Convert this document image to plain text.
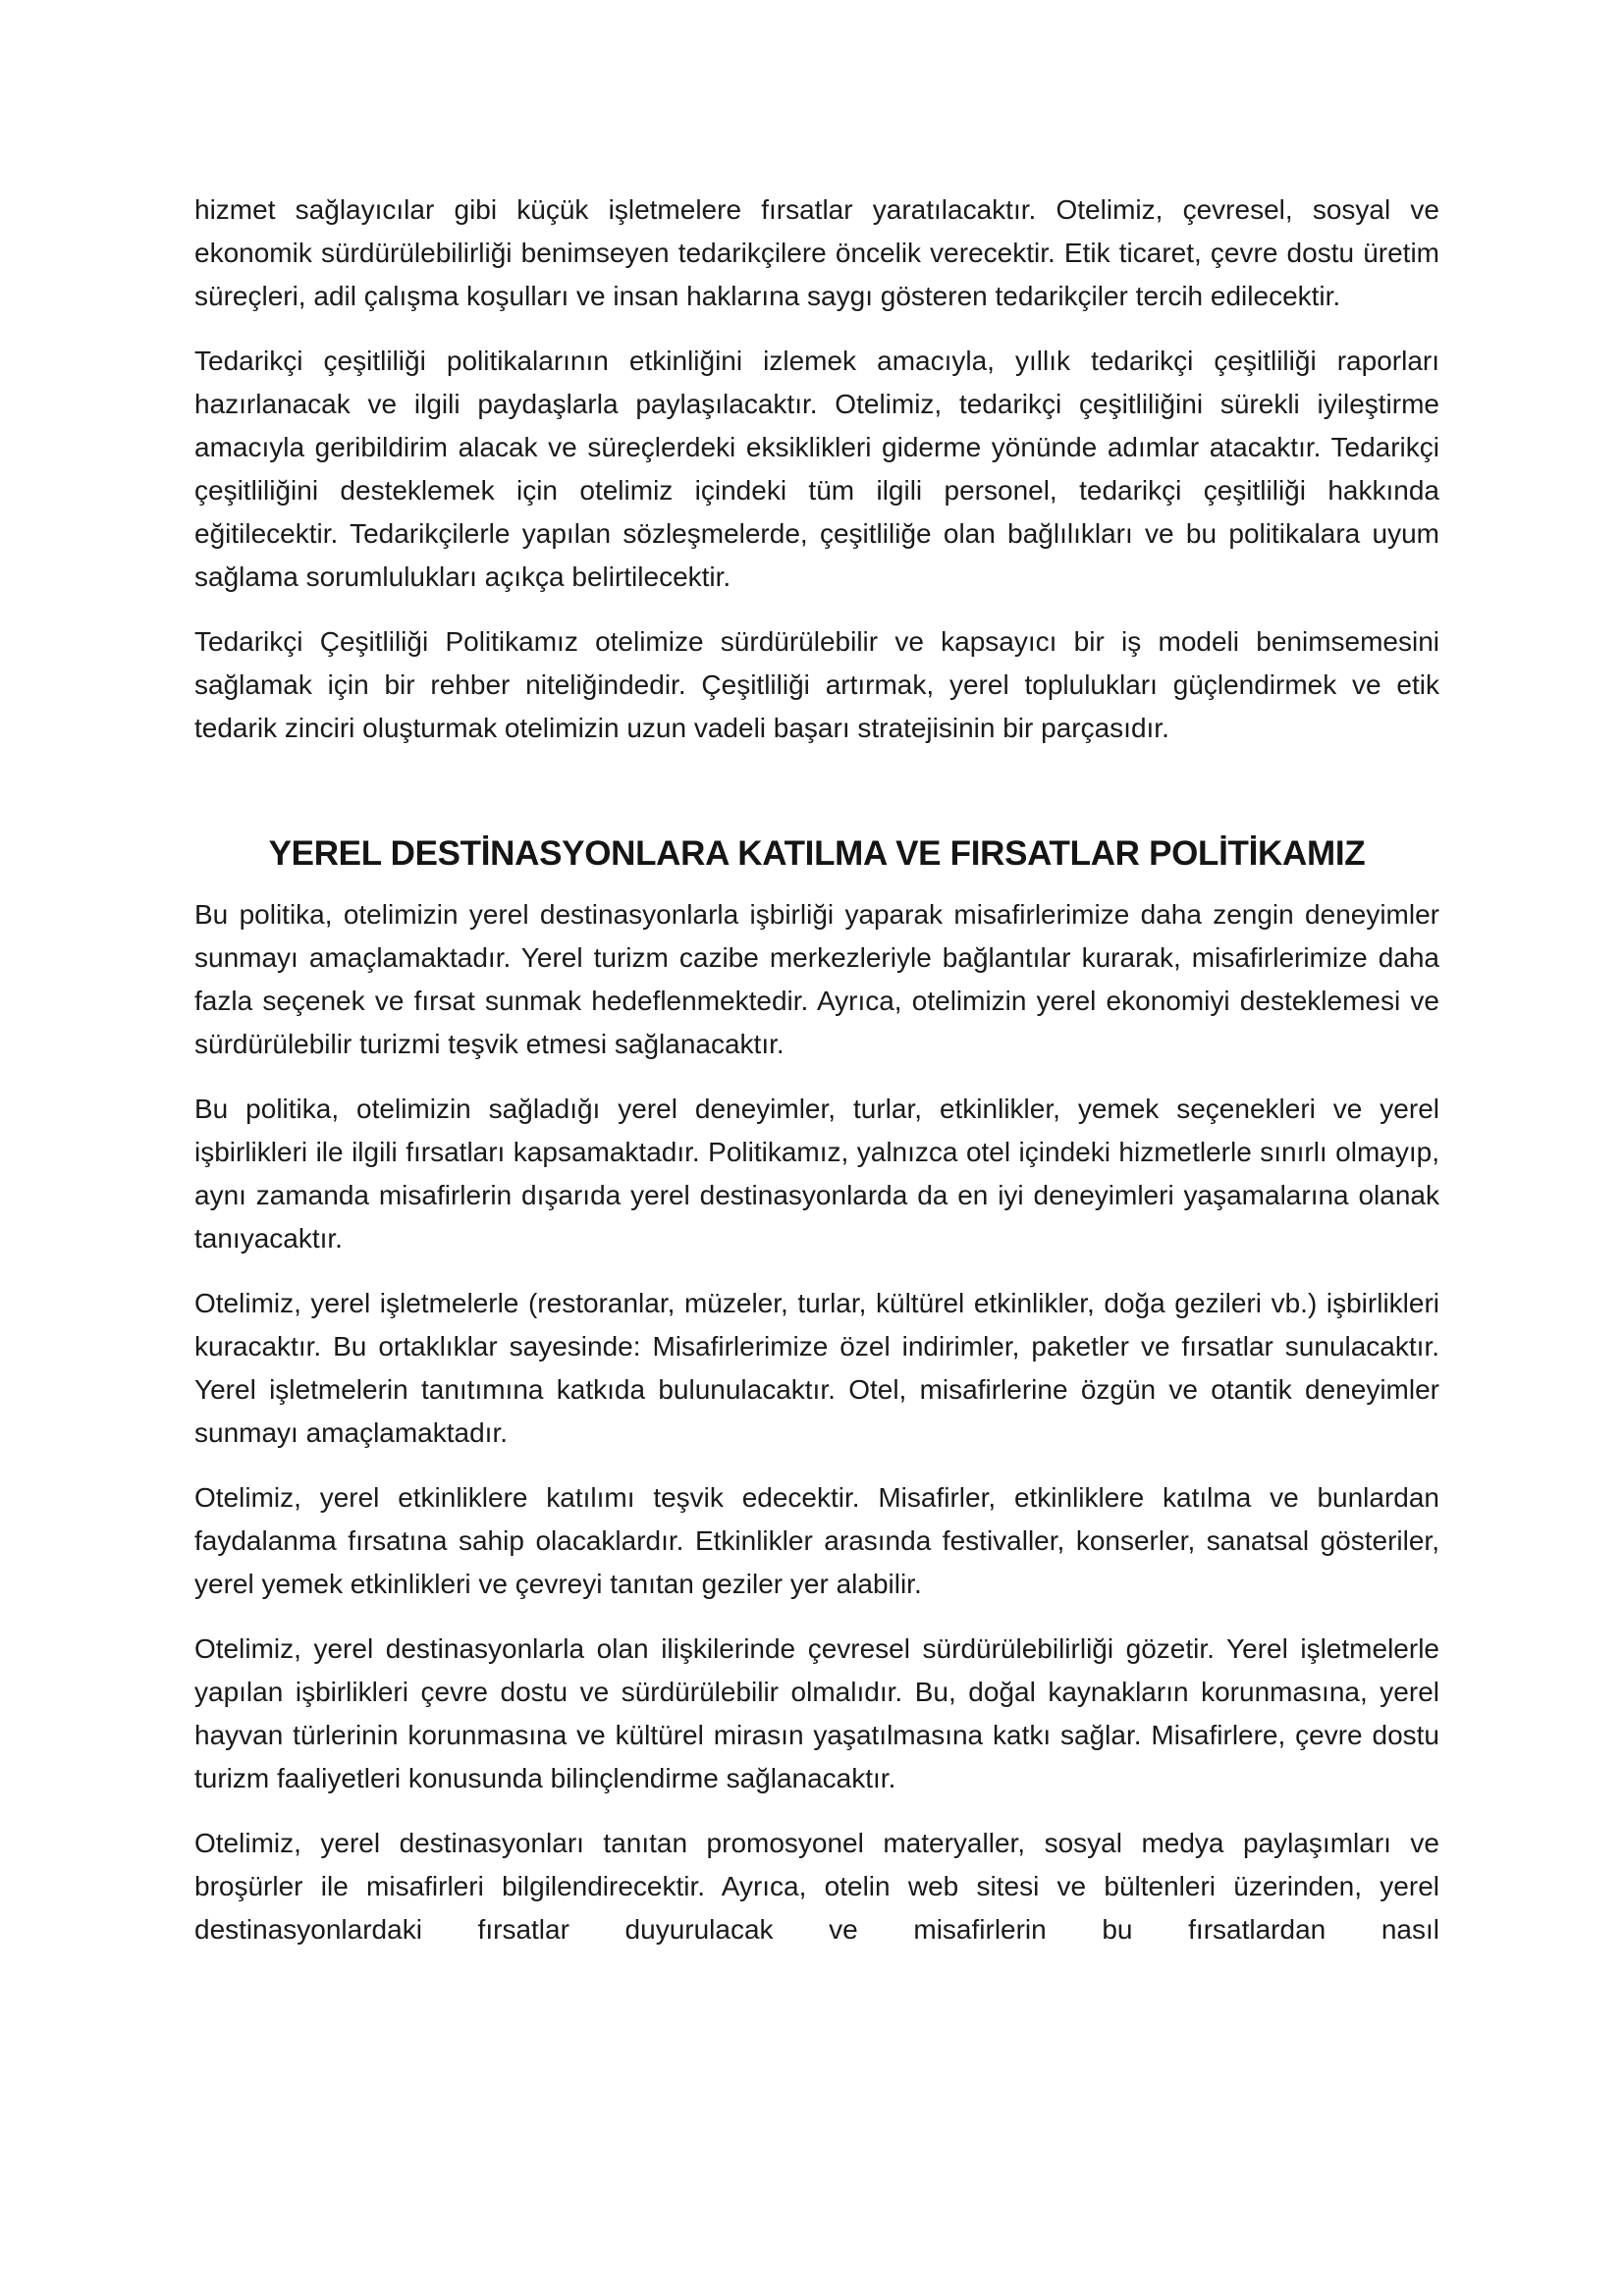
hizmet sağlayıcılar gibi küçük işletmelere fırsatlar yaratılacaktır. Otelimiz, çevresel, sosyal ve ekonomik sürdürülebilirliği benimseyen tedarikçilere öncelik verecektir. Etik ticaret, çevre dostu üretim süreçleri, adil çalışma koşulları ve insan haklarına saygı gösteren tedarikçiler tercih edilecektir.

Tedarikçi çeşitliliği politikalarının etkinliğini izlemek amacıyla, yıllık tedarikçi çeşitliliği raporları hazırlanacak ve ilgili paydaşlarla paylaşılacaktır. Otelimiz, tedarikçi çeşitliliğini sürekli iyileştirme amacıyla geribildirim alacak ve süreçlerdeki eksiklikleri giderme yönünde adımlar atacaktır. Tedarikçi çeşitliliğini desteklemek için otelimiz içindeki tüm ilgili personel, tedarikçi çeşitliliği hakkında eğitilecektir. Tedarikçilerle yapılan sözleşmelerde, çeşitliliğe olan bağlılıkları ve bu politikalara uyum sağlama sorumlulukları açıkça belirtilecektir.

Tedarikçi Çeşitliliği Politikamız otelimize sürdürülebilir ve kapsayıcı bir iş modeli benimsemesini sağlamak için bir rehber niteliğindedir. Çeşitliliği artırmak, yerel toplulukları güçlendirmek ve etik tedarik zinciri oluşturmak otelimizin uzun vadeli başarı stratejisinin bir parçasıdır.

YEREL DESTİNASYONLARA KATILMA VE FIRSATLAR POLİTİKAMIZ

Bu politika, otelimizin yerel destinasyonlarla işbirliği yaparak misafirlerimize daha zengin deneyimler sunmayı amaçlamaktadır. Yerel turizm cazibe merkezleriyle bağlantılar kurarak, misafirlerimize daha fazla seçenek ve fırsat sunmak hedeflenmektedir. Ayrıca, otelimizin yerel ekonomiyi desteklemesi ve sürdürülebilir turizmi teşvik etmesi sağlanacaktır.

Bu politika, otelimizin sağladığı yerel deneyimler, turlar, etkinlikler, yemek seçenekleri ve yerel işbirlikleri ile ilgili fırsatları kapsamaktadır. Politikamız, yalnızca otel içindeki hizmetlerle sınırlı olmayıp, aynı zamanda misafirlerin dışarıda yerel destinasyonlarda da en iyi deneyimleri yaşamalarına olanak tanıyacaktır.

Otelimiz, yerel işletmelerle (restoranlar, müzeler, turlar, kültürel etkinlikler, doğa gezileri vb.) işbirlikleri kuracaktır. Bu ortaklıklar sayesinde: Misafirlerimize özel indirimler, paketler ve fırsatlar sunulacaktır. Yerel işletmelerin tanıtımına katkıda bulunulacaktır. Otel, misafirlerine özgün ve otantik deneyimler sunmayı amaçlamaktadır.

Otelimiz, yerel etkinliklere katılımı teşvik edecektir. Misafirler, etkinliklere katılma ve bunlardan faydalanma fırsatına sahip olacaklardır. Etkinlikler arasında festivaller, konserler, sanatsal gösteriler, yerel yemek etkinlikleri ve çevreyi tanıtan geziler yer alabilir.

Otelimiz, yerel destinasyonlarla olan ilişkilerinde çevresel sürdürülebilirliği gözetir. Yerel işletmelerle yapılan işbirlikleri çevre dostu ve sürdürülebilir olmalıdır. Bu, doğal kaynakların korunmasına, yerel hayvan türlerinin korunmasına ve kültürel mirasın yaşatılmasına katkı sağlar. Misafirlere, çevre dostu turizm faaliyetleri konusunda bilinçlendirme sağlanacaktır.

Otelimiz, yerel destinasyonları tanıtan promosyonel materyaller, sosyal medya paylaşımları ve broşürler ile misafirleri bilgilendirecektir. Ayrıca, otelin web sitesi ve bültenleri üzerinden, yerel destinasyonlardaki fırsatlar duyurulacak ve misafirlerin bu fırsatlardan nasıl
